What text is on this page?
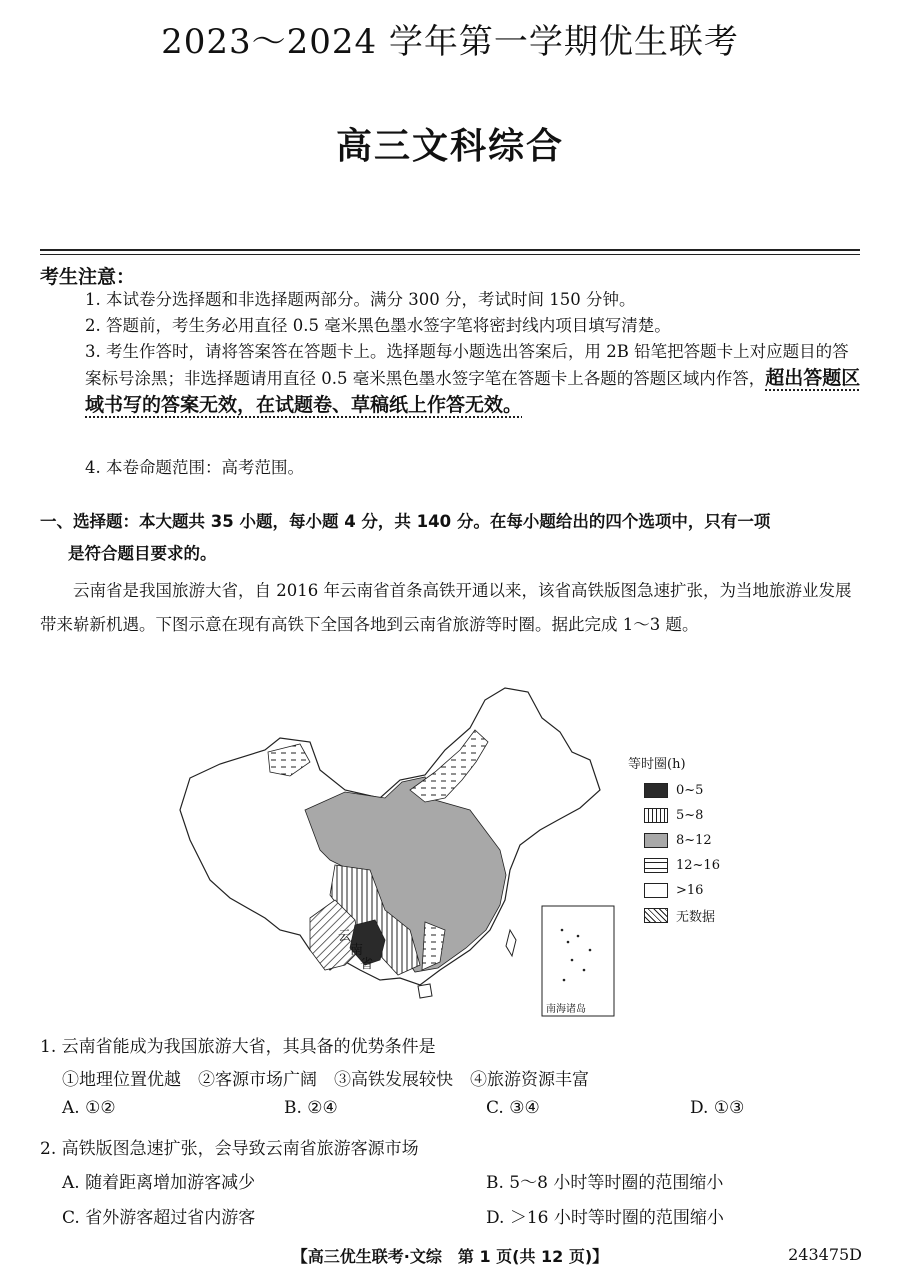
2023～2024 学年第一学期优生联考
高三文科综合
考生注意：
1. 本试卷分选择题和非选择题两部分。满分 300 分，考试时间 150 分钟。
2. 答题前，考生务必用直径 0.5 毫米黑色墨水签字笔将密封线内项目填写清楚。
3. 考生作答时，请将答案答在答题卡上。选择题每小题选出答案后，用 2B 铅笔把答题卡上对应题目的答案标号涂黑；非选择题请用直径 0.5 毫米黑色墨水签字笔在答题卡上各题的答题区域内作答，超出答题区域书写的答案无效，在试题卷、草稿纸上作答无效。
4. 本卷命题范围：高考范围。
一、选择题：本大题共 35 小题，每小题 4 分，共 140 分。在每小题给出的四个选项中，只有一项
是符合题目要求的。
云南省是我国旅游大省，自 2016 年云南省首条高铁开通以来，该省高铁版图急速扩张，为当地旅游业发展带来崭新机遇。下图示意在现有高铁下全国各地到云南省旅游等时圈。据此完成 1～3 题。
云
南
省
南海诸岛
等时圈(h)
0~5
5~8
8~12
12~16
>16
无数据
1. 云南省能成为我国旅游大省，其具备的优势条件是
①地理位置优越　②客源市场广阔　③高铁发展较快　④旅游资源丰富
A. ①②	B. ②④	C. ③④	D. ①③
2. 高铁版图急速扩张，会导致云南省旅游客源市场
A. 随着距离增加游客减少	B. 5～8 小时等时圈的范围缩小
C. 省外游客超过省内游客	D. ＞16 小时等时圈的范围缩小
【高三优生联考·文综　第 1 页(共 12 页)】	243475D
